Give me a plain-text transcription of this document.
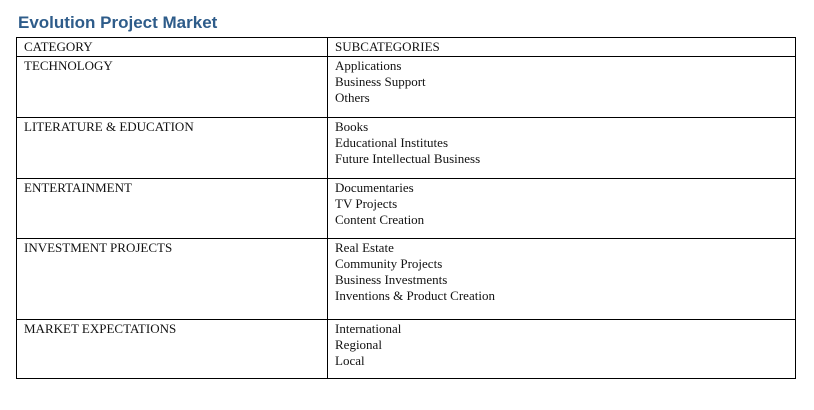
Evolution Project Market
CATEGORY	SUBCATEGORIES
TECHNOLOGY	Applications
Business Support
Others

LITERATURE & EDUCATION	Books
Educational Institutes
Future Intellectual Business

ENTERTAINMENT	Documentaries
TV Projects
Content Creation

INVESTMENT PROJECTS	Real Estate
Community Projects
Business Investments
Inventions & Product Creation

MARKET EXPECTATIONS	International
Regional
Local
